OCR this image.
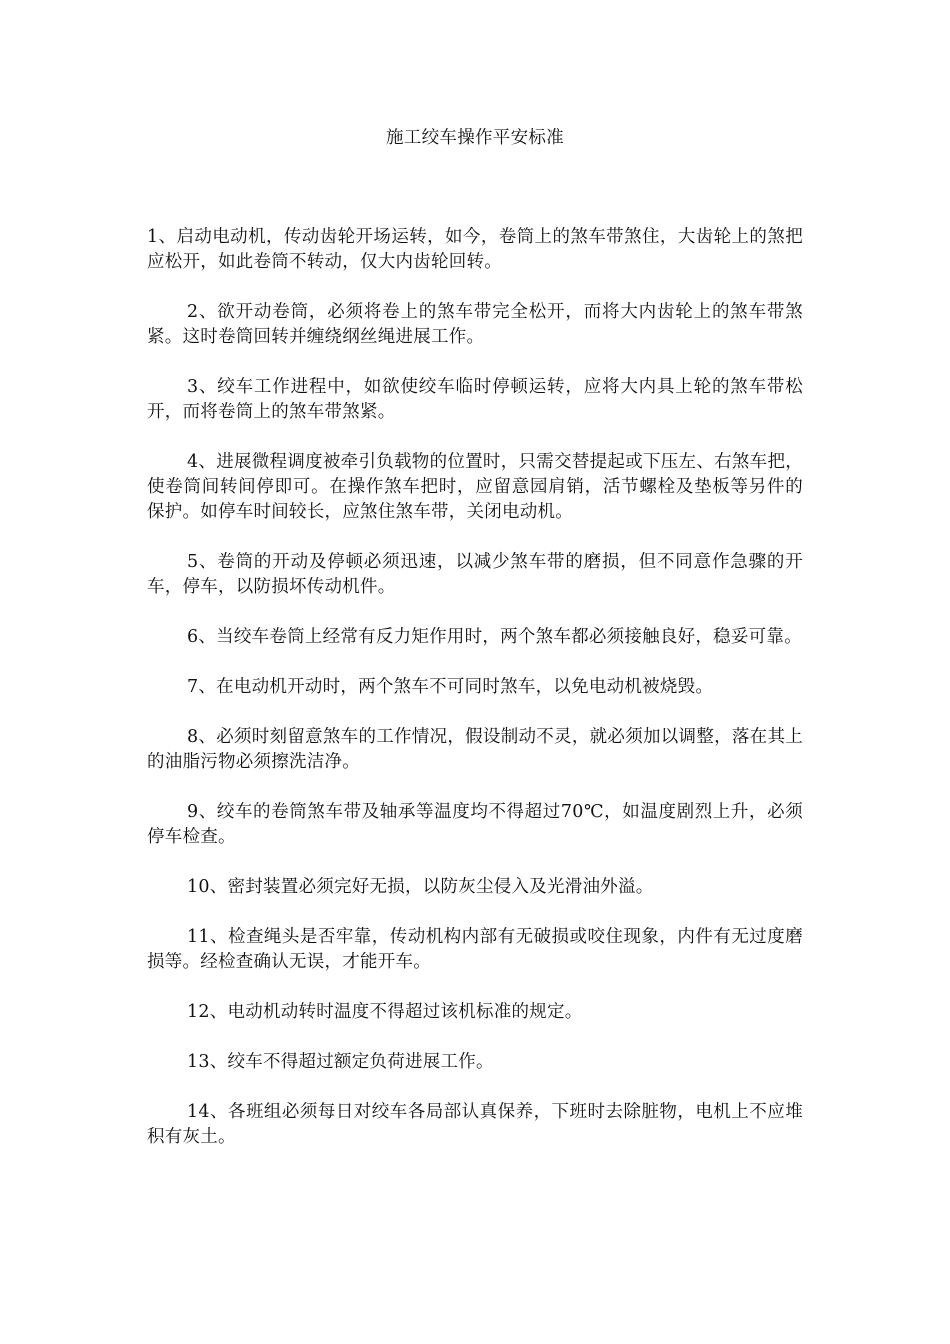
施工绞车操作平安标准

1、启动电动机，传动齿轮开场运转，如今，卷筒上的煞车带煞住，大齿轮上的煞把应松开，如此卷筒不转动，仅大内齿轮回转。

2、欲开动卷筒，必须将卷上的煞车带完全松开，而将大内齿轮上的煞车带煞紧。这时卷筒回转并缠绕纲丝绳进展工作。

3、绞车工作进程中，如欲使绞车临时停顿运转，应将大内具上轮的煞车带松开，而将卷筒上的煞车带煞紧。

4、进展微程调度被牵引负载物的位置时，只需交替提起或下压左、右煞车把，使卷筒间转间停即可。在操作煞车把时，应留意园肩销，活节螺栓及垫板等另件的保护。如停车时间较长，应煞住煞车带，关闭电动机。

5、卷筒的开动及停顿必须迅速，以减少煞车带的磨损，但不同意作急骤的开车，停车，以防损坏传动机件。

6、当绞车卷筒上经常有反力矩作用时，两个煞车都必须接触良好，稳妥可靠。

7、在电动机开动时，两个煞车不可同时煞车，以免电动机被烧毁。

8、必须时刻留意煞车的工作情况，假设制动不灵，就必须加以调整，落在其上的油脂污物必须擦洗洁净。

9、绞车的卷筒煞车带及轴承等温度均不得超过70℃，如温度剧烈上升，必须停车检查。

10、密封装置必须完好无损，以防灰尘侵入及光滑油外溢。

11、检查绳头是否牢靠，传动机构内部有无破损或咬住现象，内件有无过度磨损等。经检查确认无误，才能开车。

12、电动机动转时温度不得超过该机标准的规定。

13、绞车不得超过额定负荷进展工作。

14、各班组必须每日对绞车各局部认真保养，下班时去除脏物，电机上不应堆积有灰土。
